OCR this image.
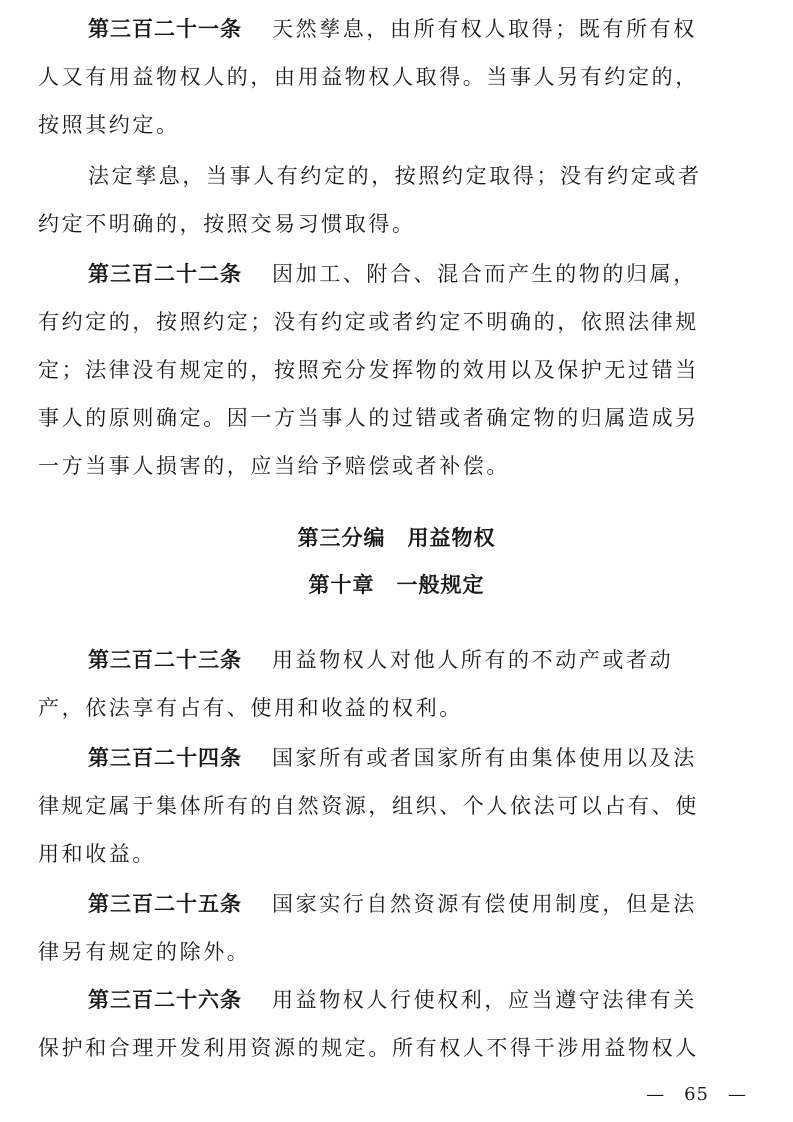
第三百二十一条 天然孳息，由所有权人取得；既有所有权
人又有用益物权人的，由用益物权人取得。当事人另有约定的，
按照其约定。
法定孳息，当事人有约定的，按照约定取得；没有约定或者
约定不明确的，按照交易习惯取得。
第三百二十二条 因加工、附合、混合而产生的物的归属，
有约定的，按照约定；没有约定或者约定不明确的，依照法律规
定；法律没有规定的，按照充分发挥物的效用以及保护无过错当
事人的原则确定。因一方当事人的过错或者确定物的归属造成另
一方当事人损害的，应当给予赔偿或者补偿。
第三分编　用益物权
第十章　一般规定
第三百二十三条 用益物权人对他人所有的不动产或者动
产，依法享有占有、使用和收益的权利。
第三百二十四条 国家所有或者国家所有由集体使用以及法
律规定属于集体所有的自然资源，组织、个人依法可以占有、使
用和收益。
第三百二十五条 国家实行自然资源有偿使用制度，但是法
律另有规定的除外。
第三百二十六条 用益物权人行使权利，应当遵守法律有关
保护和合理开发利用资源的规定。所有权人不得干涉用益物权人
—　65　—
